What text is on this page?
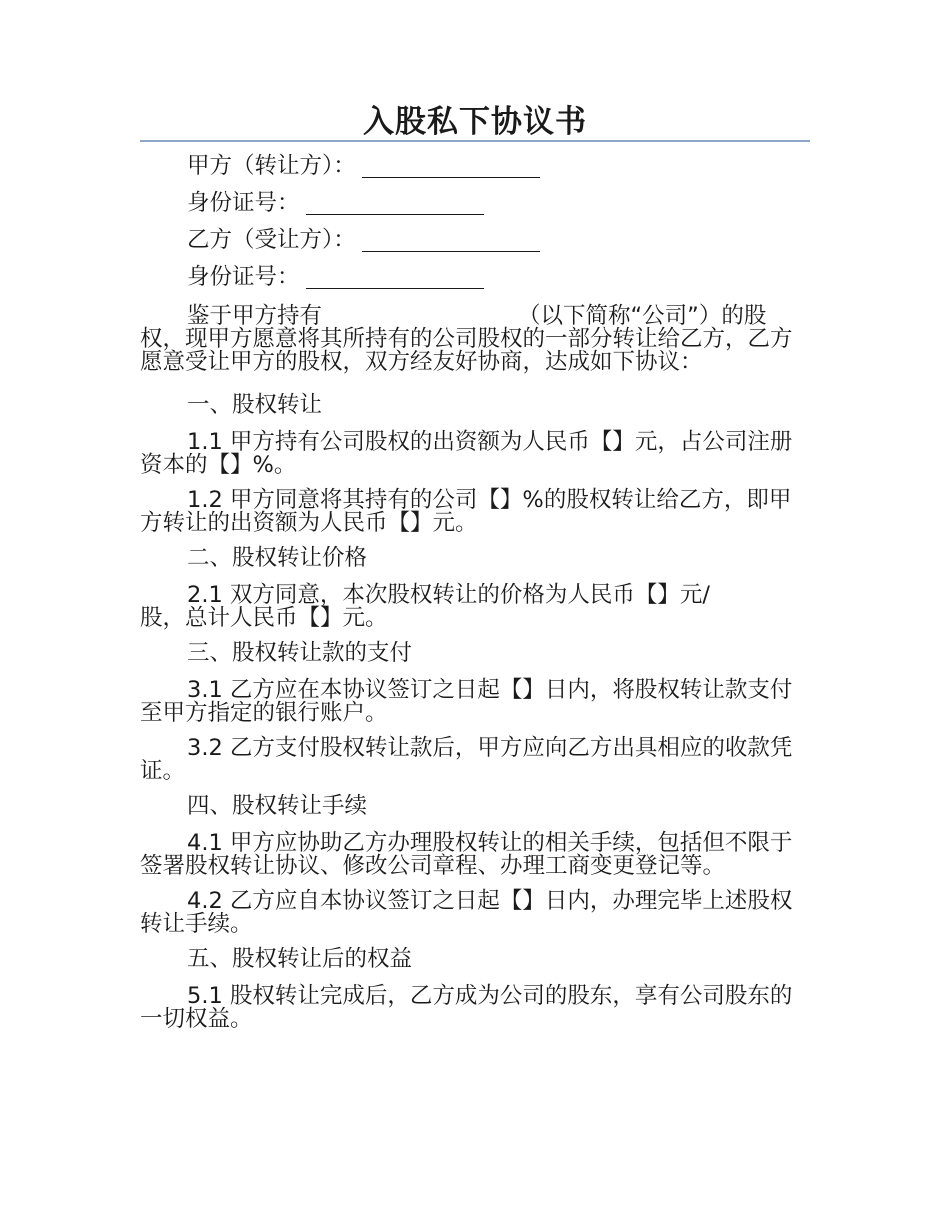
入股私下协议书
甲方（转让方）：
身份证号：
乙方（受让方）：
身份证号：

鉴于甲方持有	（以下简称“公司”）的股权，现甲方愿意将其所持有的公司股权的一部分转让给乙方，乙方愿意受让甲方的股权，双方经友好协商，达成如下协议：

一、股权转让

1.1 甲方持有公司股权的出资额为人民币【】元，占公司注册资本的【】%。

1.2 甲方同意将其持有的公司【】%的股权转让给乙方，即甲方转让的出资额为人民币【】元。

二、股权转让价格

2.1 双方同意，本次股权转让的价格为人民币【】元/股，总计人民币【】元。

三、股权转让款的支付

3.1 乙方应在本协议签订之日起【】日内，将股权转让款支付至甲方指定的银行账户。

3.2 乙方支付股权转让款后，甲方应向乙方出具相应的收款凭证。

四、股权转让手续

4.1 甲方应协助乙方办理股权转让的相关手续，包括但不限于签署股权转让协议、修改公司章程、办理工商变更登记等。

4.2 乙方应自本协议签订之日起【】日内，办理完毕上述股权转让手续。

五、股权转让后的权益

5.1 股权转让完成后，乙方成为公司的股东，享有公司股东的一切权益。
